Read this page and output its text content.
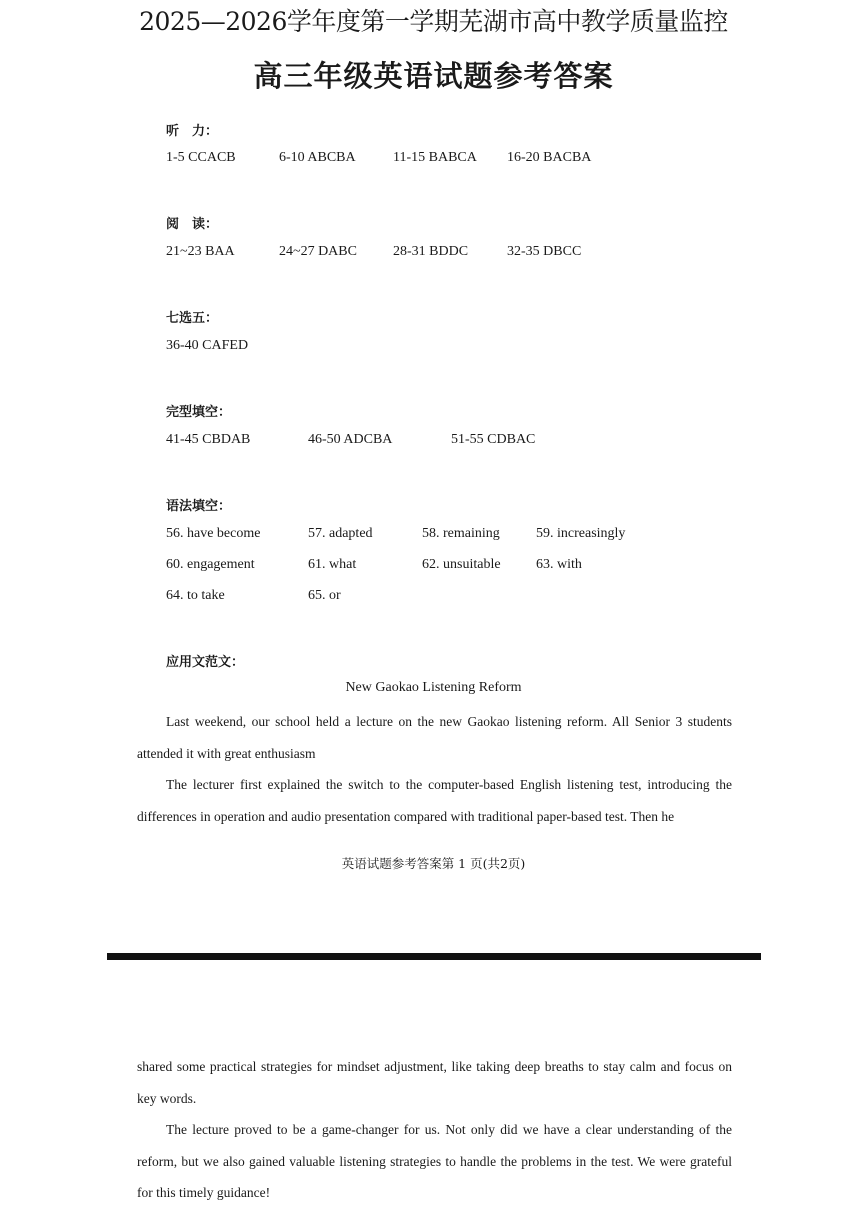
2025—2026学年度第一学期芜湖市高中教学质量监控
高三年级英语试题参考答案
听　力：
1-5 CCACB	6-10 ABCBA	11-15 BABCA 16-20 BACBA
阅　读：
21~23 BAA	24~27 DABC	28-31 BDDC	32-35 DBCC
七选五：
36-40 CAFED
完型填空：
41-45 CBDAB	46-50 ADCBA	51-55 CDBAC
语法填空：
56. have become	57. adapted	58. remaining	59. increasingly
60. engagement	61. what	62. unsuitable	63. with
64. to take	65. or
应用文范文：
New Gaokao Listening Reform

Last weekend, our school held a lecture on the new Gaokao listening reform. All Senior 3 students attended it with great enthusiasm

The lecturer first explained the switch to the computer-based English listening test, introducing the differences in operation and audio presentation compared with traditional paper-based test. Then he

英语试题参考答案第 1 页(共2页)

shared some practical strategies for mindset adjustment, like taking deep breaths to stay calm and focus on key words.

The lecture proved to be a game-changer for us. Not only did we have a clear understanding of the reform, but we also gained valuable listening strategies to handle the problems in the test. We were grateful for this timely guidance!
